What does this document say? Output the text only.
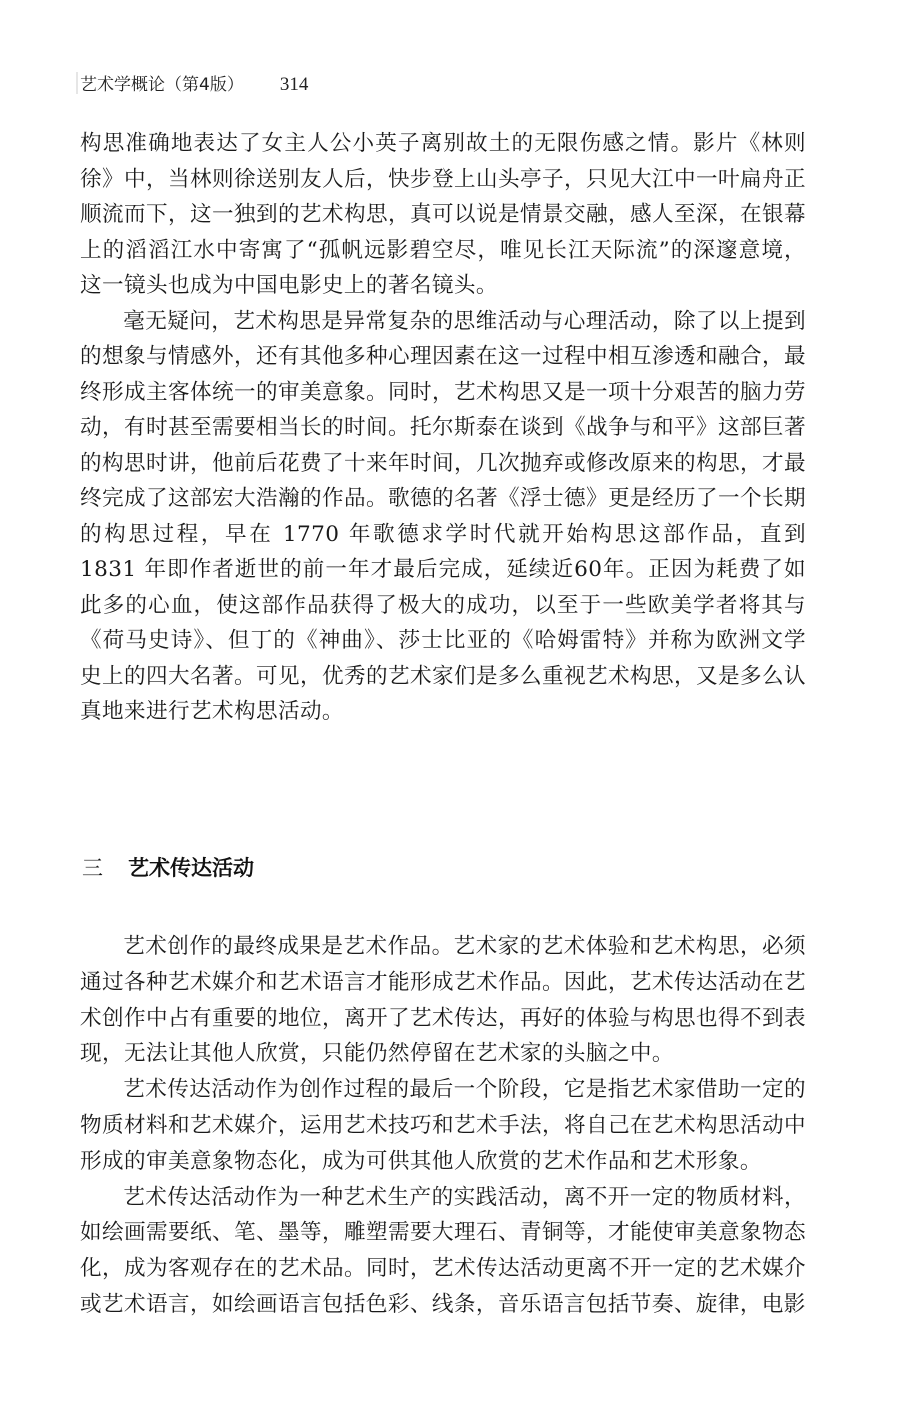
艺术学概论（第4版） 314

构思准确地表达了女主人公小英子离别故土的无限伤感之情。影片《林则徐》中，当林则徐送别友人后，快步登上山头亭子，只见大江中一叶扁舟正顺流而下，这一独到的艺术构思，真可以说是情景交融，感人至深，在银幕上的滔滔江水中寄寓了“孤帆远影碧空尽，唯见长江天际流”的深邃意境，这一镜头也成为中国电影史上的著名镜头。

毫无疑问，艺术构思是异常复杂的思维活动与心理活动，除了以上提到的想象与情感外，还有其他多种心理因素在这一过程中相互渗透和融合，最终形成主客体统一的审美意象。同时，艺术构思又是一项十分艰苦的脑力劳动，有时甚至需要相当长的时间。托尔斯泰在谈到《战争与和平》这部巨著的构思时讲，他前后花费了十来年时间，几次抛弃或修改原来的构思，才最终完成了这部宏大浩瀚的作品。歌德的名著《浮士德》更是经历了一个长期的构思过程，早在 1770 年歌德求学时代就开始构思这部作品，直到 1831 年即作者逝世的前一年才最后完成，延续近60年。正因为耗费了如此多的心血，使这部作品获得了极大的成功，以至于一些欧美学者将其与《荷马史诗》、但丁的《神曲》、莎士比亚的《哈姆雷特》并称为欧洲文学史上的四大名著。可见，优秀的艺术家们是多么重视艺术构思，又是多么认真地来进行艺术构思活动。

三 艺术传达活动

艺术创作的最终成果是艺术作品。艺术家的艺术体验和艺术构思，必须通过各种艺术媒介和艺术语言才能形成艺术作品。因此，艺术传达活动在艺术创作中占有重要的地位，离开了艺术传达，再好的体验与构思也得不到表现，无法让其他人欣赏，只能仍然停留在艺术家的头脑之中。

艺术传达活动作为创作过程的最后一个阶段，它是指艺术家借助一定的物质材料和艺术媒介，运用艺术技巧和艺术手法，将自己在艺术构思活动中形成的审美意象物态化，成为可供其他人欣赏的艺术作品和艺术形象。

艺术传达活动作为一种艺术生产的实践活动，离不开一定的物质材料，如绘画需要纸、笔、墨等，雕塑需要大理石、青铜等，才能使审美意象物态化，成为客观存在的艺术品。同时，艺术传达活动更离不开一定的艺术媒介或艺术语言，如绘画语言包括色彩、线条，音乐语言包括节奏、旋律，电影
